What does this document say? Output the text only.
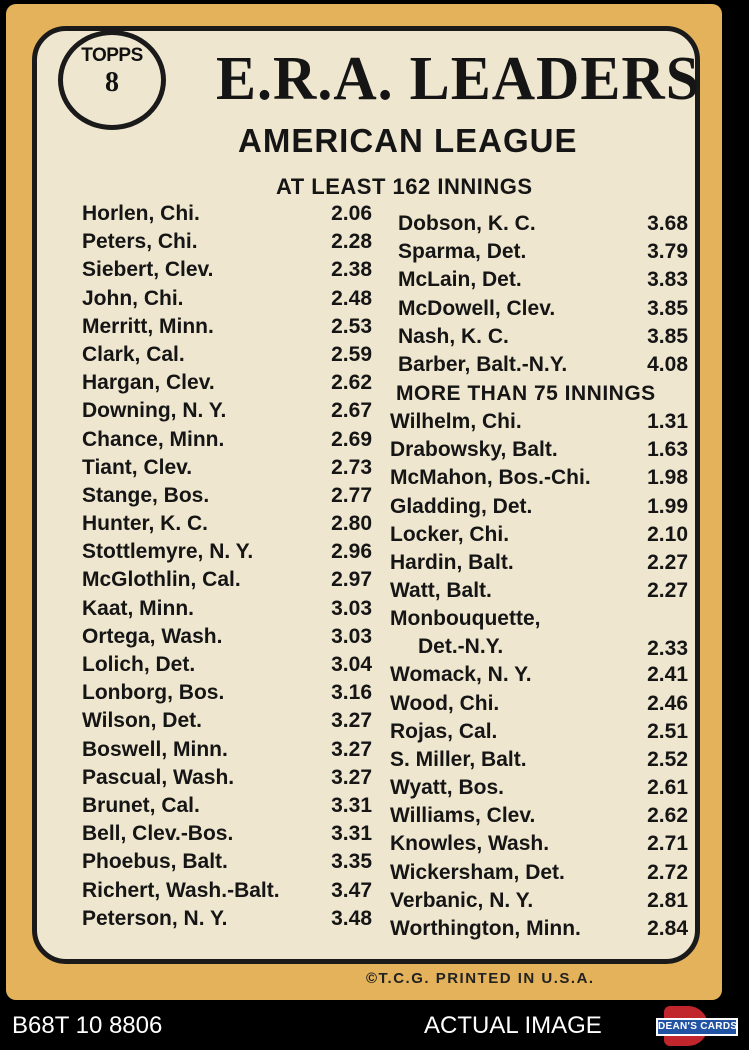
TOPPS
8	E.R.A. LEADERS
AMERICAN LEAGUE
AT LEAST 162 INNINGS
Horlen, Chi.	2.06
Peters, Chi.	2.28
Siebert, Clev.	2.38
John, Chi.	2.48
Merritt, Minn.	2.53
Clark, Cal.	2.59
Hargan, Clev.	2.62
Downing, N. Y.	2.67
Chance, Minn.	2.69
Tiant, Clev.	2.73
Stange, Bos.	2.77
Hunter, K. C.	2.80
Stottlemyre, N. Y.	2.96
McGlothlin, Cal.	2.97
Kaat, Minn.	3.03
Ortega, Wash.	3.03
Lolich, Det.	3.04
Lonborg, Bos.	3.16
Wilson, Det.	3.27
Boswell, Minn.	3.27
Pascual, Wash.	3.27
Brunet, Cal.	3.31
Bell, Clev.-Bos.	3.31
Phoebus, Balt.	3.35
Richert, Wash.-Balt. 3.47
Peterson, N. Y.	3.48
Dobson, K. C.	3.68
Sparma, Det.	3.79
McLain, Det.	3.83
McDowell, Clev.	3.85
Nash, K. C.	3.85
Barber, Balt.-N.Y.	4.08
MORE THAN 75 INNINGS
Wilhelm, Chi.	1.31
Drabowsky, Balt.	1.63
McMahon, Bos.-Chi.	1.98
Gladding, Det.	1.99
Locker, Chi.	2.10
Hardin, Balt.	2.27
Watt, Balt.	2.27
Monbouquette,
Det.-N.Y.	2.33
Womack, N. Y.	2.41
Wood, Chi.	2.46
Rojas, Cal.	2.51
S. Miller, Balt.	2.52
Wyatt, Bos.	2.61
Williams, Clev.	2.62
Knowles, Wash.	2.71
Wickersham, Det.	2.72
Verbanic, N. Y.	2.81
Worthington, Minn.	2.84
©T.C.G. PRINTED IN U.S.A.
B68T 10 8806	ACTUAL IMAGE	DEAN'S CARDS
